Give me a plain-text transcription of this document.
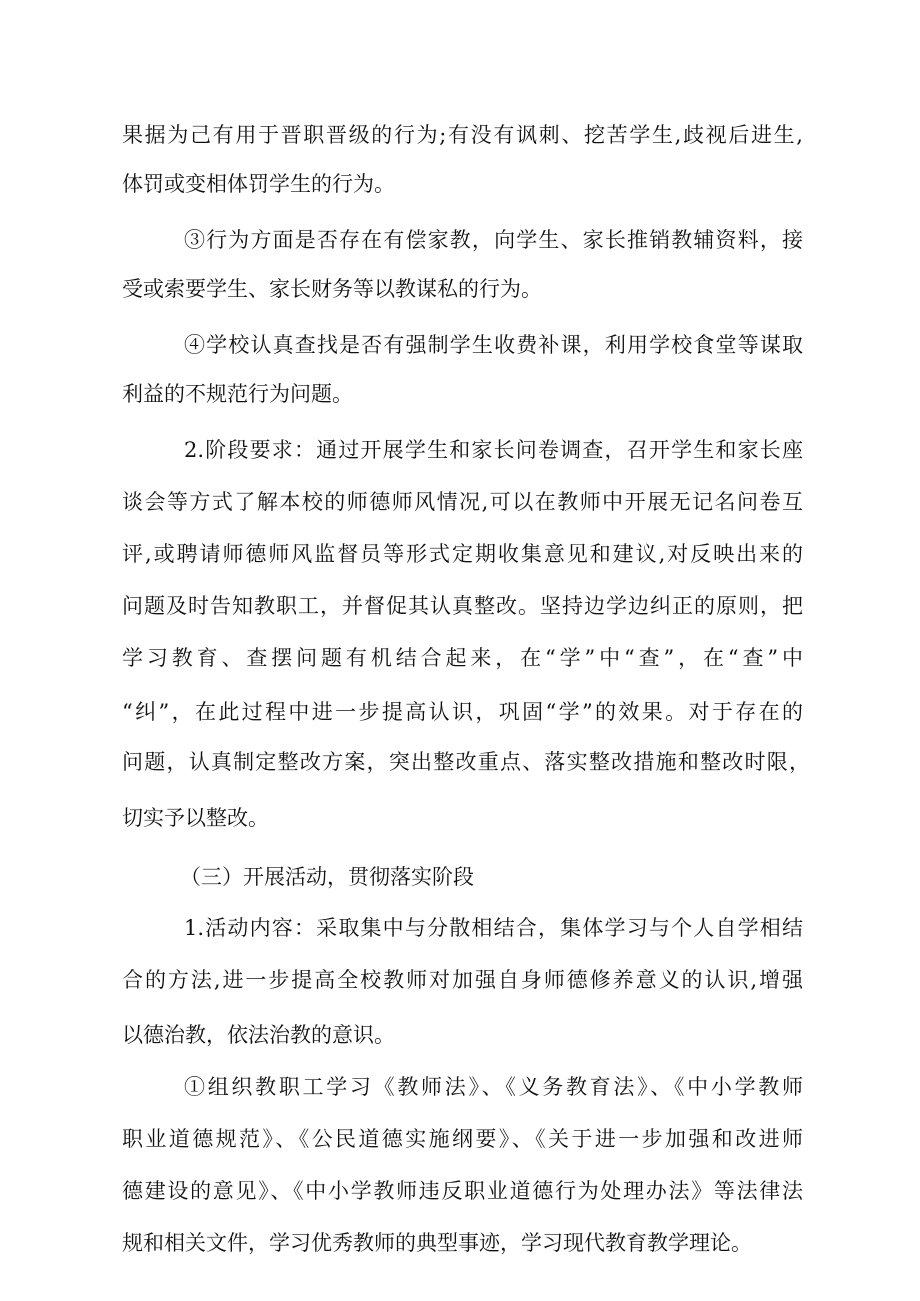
果据为己有用于晋职晋级的行为;有没有讽刺、挖苦学生,歧视后进生,
体罚或变相体罚学生的行为。
③行为方面是否存在有偿家教，向学生、家长推销教辅资料，接
受或索要学生、家长财务等以教谋私的行为。
④学校认真查找是否有强制学生收费补课，利用学校食堂等谋取
利益的不规范行为问题。
2.阶段要求：通过开展学生和家长问卷调查，召开学生和家长座
谈会等方式了解本校的师德师风情况,可以在教师中开展无记名问卷互
评,或聘请师德师风监督员等形式定期收集意见和建议,对反映出来的
问题及时告知教职工，并督促其认真整改。坚持边学边纠正的原则，把
学习教育、查摆问题有机结合起来，在“学”中“查”，在“查”中
“纠”，在此过程中进一步提高认识，巩固“学”的效果。对于存在的
问题，认真制定整改方案，突出整改重点、落实整改措施和整改时限，
切实予以整改。
（三）开展活动，贯彻落实阶段
1.活动内容：采取集中与分散相结合，集体学习与个人自学相结
合的方法,进一步提高全校教师对加强自身师德修养意义的认识,增强
以德治教，依法治教的意识。
①组织教职工学习《教师法》、《义务教育法》、《中小学教师
职业道德规范》、《公民道德实施纲要》、《关于进一步加强和改进师
德建设的意见》、《中小学教师违反职业道德行为处理办法》等法律法
规和相关文件，学习优秀教师的典型事迹，学习现代教育教学理论。
